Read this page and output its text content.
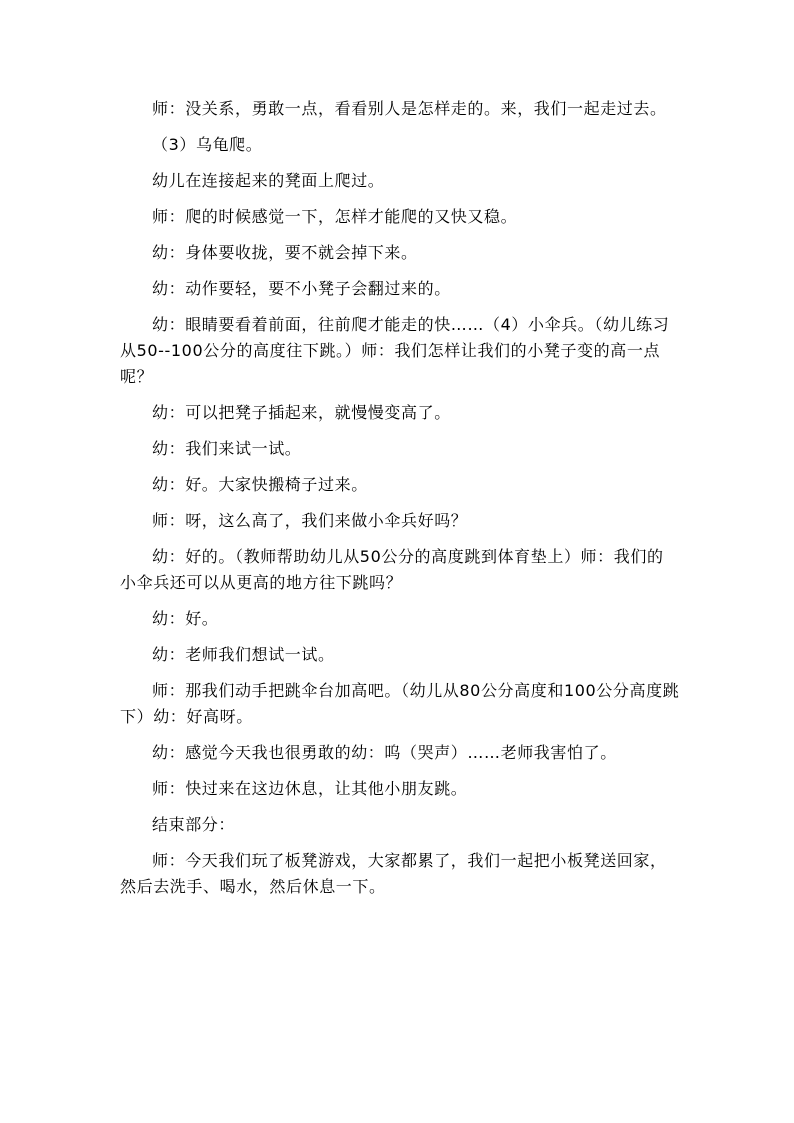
师：没关系，勇敢一点，看看别人是怎样走的。来，我们一起走过去。

（3）乌龟爬。

幼儿在连接起来的凳面上爬过。

师：爬的时候感觉一下，怎样才能爬的又快又稳。

幼：身体要收拢，要不就会掉下来。

幼：动作要轻，要不小凳子会翻过来的。

幼：眼睛要看着前面，往前爬才能走的快……（4）小伞兵。（幼儿练习从50--100公分的高度往下跳。）师：我们怎样让我们的小凳子变的高一点呢？

幼：可以把凳子插起来，就慢慢变高了。

幼：我们来试一试。

幼：好。大家快搬椅子过来。

师：呀，这么高了，我们来做小伞兵好吗？

幼：好的。（教师帮助幼儿从50公分的高度跳到体育垫上）师：我们的小伞兵还可以从更高的地方往下跳吗？

幼：好。

幼：老师我们想试一试。

师：那我们动手把跳伞台加高吧。（幼儿从80公分高度和100公分高度跳下）幼：好高呀。

幼：感觉今天我也很勇敢的幼：呜（哭声）……老师我害怕了。

师：快过来在这边休息，让其他小朋友跳。

结束部分：

师：今天我们玩了板凳游戏，大家都累了，我们一起把小板凳送回家，然后去洗手、喝水，然后休息一下。
